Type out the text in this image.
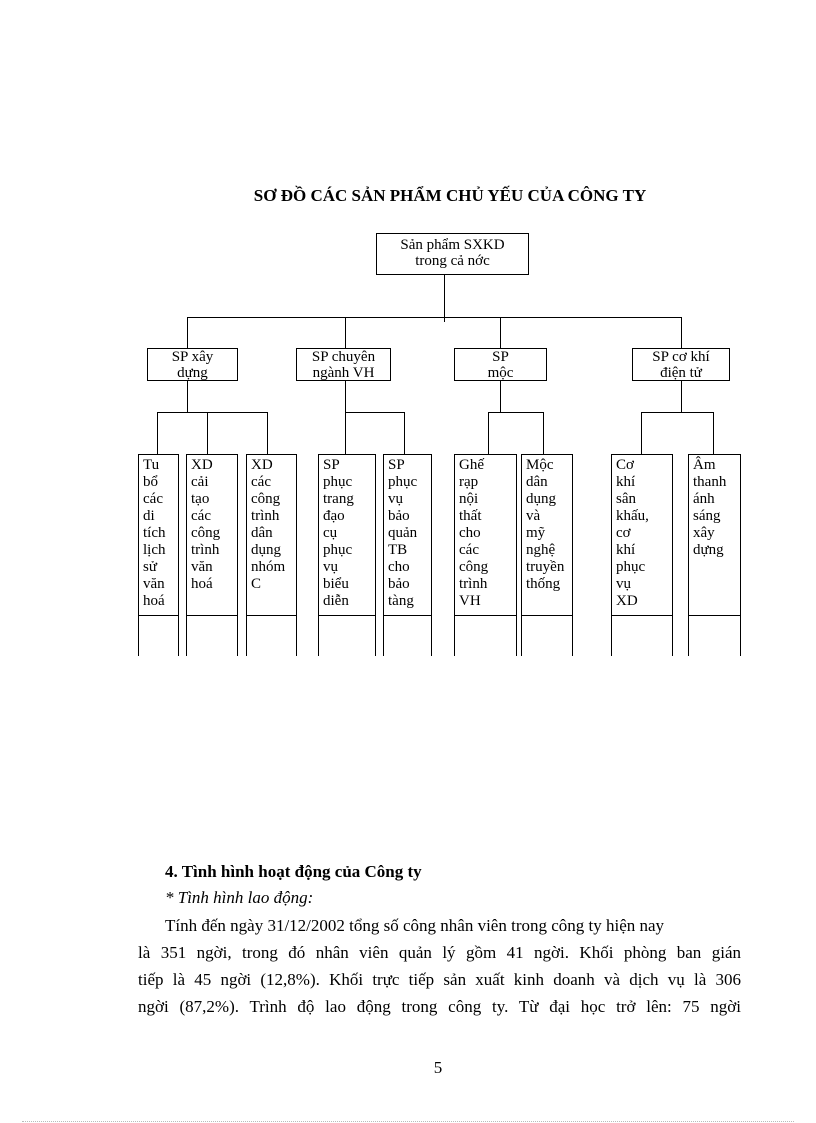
SƠ ĐỒ CÁC SẢN PHẨM CHỦ YẾU CỦA CÔNG TY
Sản phẩm SXKD
trong cả nớc
SP xây
dựng
SP chuyên
ngành VH
SP
mộc
SP cơ khí
điện tử
Tu
bổ
các
di
tích
lịch
sử
văn
hoá
XD
cải
tạo
các
công
trình
văn
hoá
XD
các
công
trình
dân
dụng
nhóm
C
SP
phục
trang
đạo
cụ
phục
vụ
biểu
diễn
SP
phục
vụ
bảo
quản
TB
cho
bảo
tàng
Ghế
rạp
nội
thất
cho
các
công
trình
VH
Mộc
dân
dụng
và
mỹ
nghệ
truyền
thống
Cơ
khí
sân
khấu,
cơ
khí
phục
vụ
XD
Âm
thanh
ánh
sáng
xây
dựng
4. Tình hình hoạt động của Công ty
* Tình hình lao động:
Tính đến ngày 31/12/2002 tổng số công nhân viên trong công ty hiện nay
là 351 ngời, trong đó nhân viên quản lý gồm 41 ngời. Khối phòng ban gián
tiếp là 45 ngời (12,8%). Khối trực tiếp sản xuất kinh doanh và dịch vụ là 306
ngời (87,2%). Trình độ lao động trong công ty. Từ đại học trở lên: 75 ngời
5
